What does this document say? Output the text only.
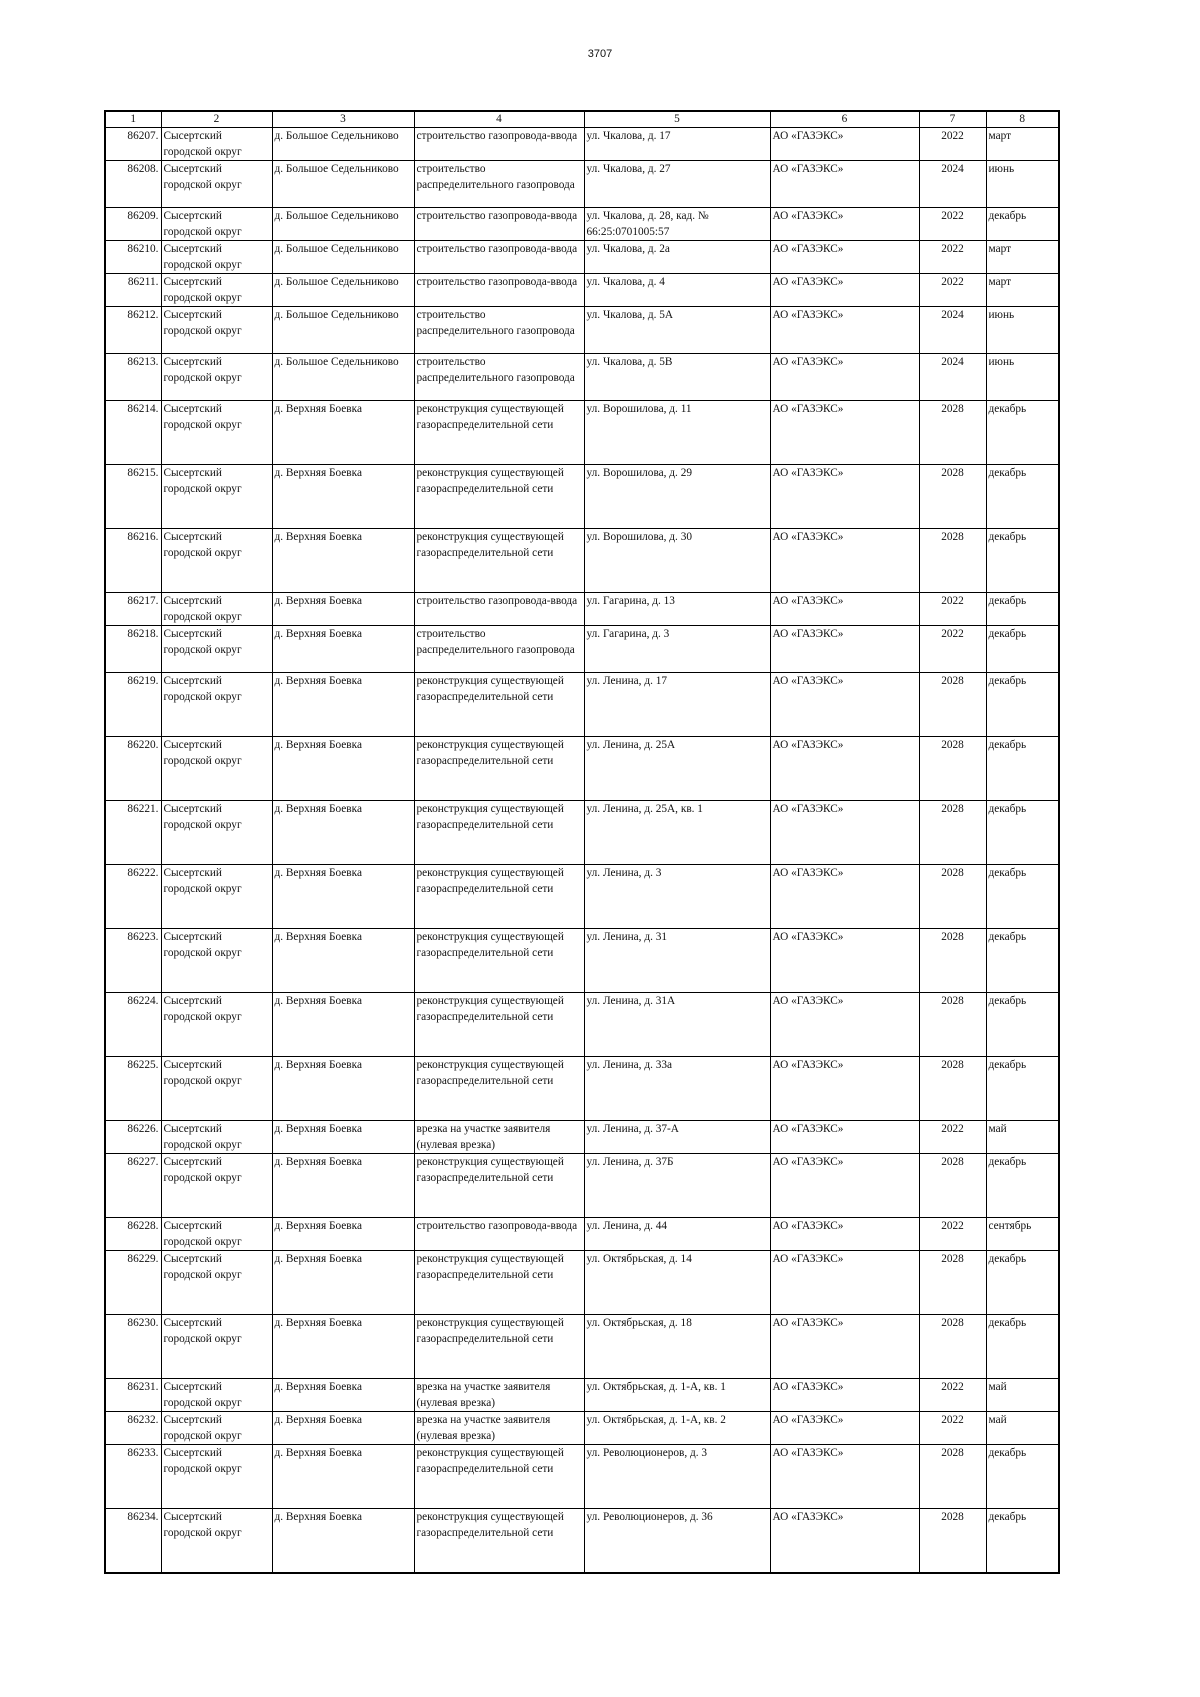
3707
1	2	3	4	5	6	7	8
86207.	Сысертский городской округ	д. Большое Седельниково	строительство газопровода-ввода	ул. Чкалова, д. 17	АО «ГАЗЭКС»	2022	март
86208.	Сысертский городской округ	д. Большое Седельниково	строительство распределительного газопровода	ул. Чкалова, д. 27	АО «ГАЗЭКС»	2024	июнь
86209.	Сысертский городской округ	д. Большое Седельниково	строительство газопровода-ввода	ул. Чкалова, д. 28, кад. № 66:25:0701005:57	АО «ГАЗЭКС»	2022	декабрь
86210.	Сысертский городской округ	д. Большое Седельниково	строительство газопровода-ввода	ул. Чкалова, д. 2а	АО «ГАЗЭКС»	2022	март
86211.	Сысертский городской округ	д. Большое Седельниково	строительство газопровода-ввода	ул. Чкалова, д. 4	АО «ГАЗЭКС»	2022	март
86212.	Сысертский городской округ	д. Большое Седельниково	строительство распределительного газопровода	ул. Чкалова, д. 5А	АО «ГАЗЭКС»	2024	июнь
86213.	Сысертский городской округ	д. Большое Седельниково	строительство распределительного газопровода	ул. Чкалова, д. 5В	АО «ГАЗЭКС»	2024	июнь
86214.	Сысертский городской округ	д. Верхняя Боевка	реконструкция существующей газораспределительной сети	ул. Ворошилова, д. 11	АО «ГАЗЭКС»	2028	декабрь
86215.	Сысертский городской округ	д. Верхняя Боевка	реконструкция существующей газораспределительной сети	ул. Ворошилова, д. 29	АО «ГАЗЭКС»	2028	декабрь
86216.	Сысертский городской округ	д. Верхняя Боевка	реконструкция существующей газораспределительной сети	ул. Ворошилова, д. 30	АО «ГАЗЭКС»	2028	декабрь
86217.	Сысертский городской округ	д. Верхняя Боевка	строительство газопровода-ввода	ул. Гагарина, д. 13	АО «ГАЗЭКС»	2022	декабрь
86218.	Сысертский городской округ	д. Верхняя Боевка	строительство распределительного газопровода	ул. Гагарина, д. 3	АО «ГАЗЭКС»	2022	декабрь
86219.	Сысертский городской округ	д. Верхняя Боевка	реконструкция существующей газораспределительной сети	ул. Ленина, д. 17	АО «ГАЗЭКС»	2028	декабрь
86220.	Сысертский городской округ	д. Верхняя Боевка	реконструкция существующей газораспределительной сети	ул. Ленина, д. 25А	АО «ГАЗЭКС»	2028	декабрь
86221.	Сысертский городской округ	д. Верхняя Боевка	реконструкция существующей газораспределительной сети	ул. Ленина, д. 25А, кв. 1	АО «ГАЗЭКС»	2028	декабрь
86222.	Сысертский городской округ	д. Верхняя Боевка	реконструкция существующей газораспределительной сети	ул. Ленина, д. 3	АО «ГАЗЭКС»	2028	декабрь
86223.	Сысертский городской округ	д. Верхняя Боевка	реконструкция существующей газораспределительной сети	ул. Ленина, д. 31	АО «ГАЗЭКС»	2028	декабрь
86224.	Сысертский городской округ	д. Верхняя Боевка	реконструкция существующей газораспределительной сети	ул. Ленина, д. 31А	АО «ГАЗЭКС»	2028	декабрь
86225.	Сысертский городской округ	д. Верхняя Боевка	реконструкция существующей газораспределительной сети	ул. Ленина, д. 33а	АО «ГАЗЭКС»	2028	декабрь
86226.	Сысертский городской округ	д. Верхняя Боевка	врезка на участке заявителя (нулевая врезка)	ул. Ленина, д. 37-А	АО «ГАЗЭКС»	2022	май
86227.	Сысертский городской округ	д. Верхняя Боевка	реконструкция существующей газораспределительной сети	ул. Ленина, д. 37Б	АО «ГАЗЭКС»	2028	декабрь
86228.	Сысертский городской округ	д. Верхняя Боевка	строительство газопровода-ввода	ул. Ленина, д. 44	АО «ГАЗЭКС»	2022	сентябрь
86229.	Сысертский городской округ	д. Верхняя Боевка	реконструкция существующей газораспределительной сети	ул. Октябрьская, д. 14	АО «ГАЗЭКС»	2028	декабрь
86230.	Сысертский городской округ	д. Верхняя Боевка	реконструкция существующей газораспределительной сети	ул. Октябрьская, д. 18	АО «ГАЗЭКС»	2028	декабрь
86231.	Сысертский городской округ	д. Верхняя Боевка	врезка на участке заявителя (нулевая врезка)	ул. Октябрьская, д. 1-А, кв. 1	АО «ГАЗЭКС»	2022	май
86232.	Сысертский городской округ	д. Верхняя Боевка	врезка на участке заявителя (нулевая врезка)	ул. Октябрьская, д. 1-А, кв. 2	АО «ГАЗЭКС»	2022	май
86233.	Сысертский городской округ	д. Верхняя Боевка	реконструкция существующей газораспределительной сети	ул. Революционеров, д. 3	АО «ГАЗЭКС»	2028	декабрь
86234.	Сысертский городской округ	д. Верхняя Боевка	реконструкция существующей газораспределительной сети	ул. Революционеров, д. 36	АО «ГАЗЭКС»	2028	декабрь
